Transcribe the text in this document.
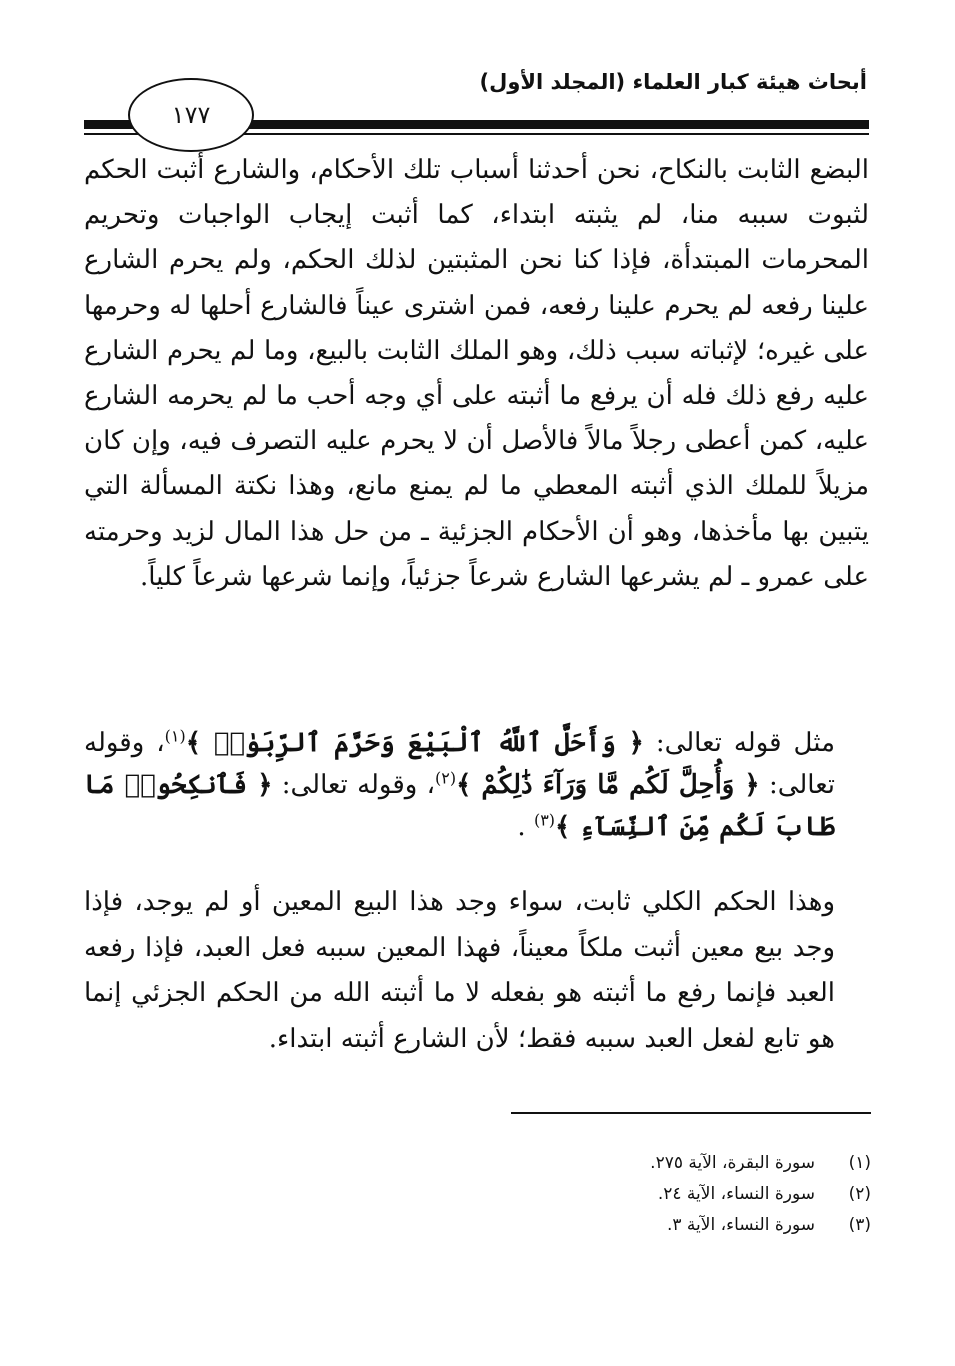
أبحاث هيئة كبار العلماء (المجلد الأول)
١٧٧

البضع الثابت بالنكاح، نحن أحدثنا أسباب تلك الأحكام، والشارع أثبت الحكم لثبوت سببه منا، لم يثبته ابتداء، كما أثبت إيجاب الواجبات وتحريم المحرمات المبتدأة، فإذا كنا نحن المثبتين لذلك الحكم، ولم يحرم الشارع علينا رفعه لم يحرم علينا رفعه، فمن اشترى عيناً فالشارع أحلها له وحرمها على غيره؛ لإثباته سبب ذلك، وهو الملك الثابت بالبيع، وما لم يحرم الشارع عليه رفع ذلك فله أن يرفع ما أثبته على أي وجه أحب ما لم يحرمه الشارع عليه، كمن أعطى رجلاً مالاً فالأصل أن لا يحرم عليه التصرف فيه، وإن كان مزيلاً للملك الذي أثبته المعطي ما لم يمنع مانع، وهذا نكتة المسألة التي يتبين بها مأخذها، وهو أن الأحكام الجزئية ـ من حل هذا المال لزيد وحرمته على عمرو ـ لم يشرعها الشارع شرعاً جزئياً، وإنما شرعها شرعاً كلياً.

مثل قوله تعالى: ﴿ وَأَحَلَّ ٱللَّهُ ٱلْبَيْعَ وَحَرَّمَ ٱلرِّبَوٰا۟ ﴾$^{(١)}$، وقوله تعالى: ﴿ وَأُحِلَّ لَكُم مَّا وَرَآءَ ذَٰلِكُمْ ﴾$^{(٢)}$، وقوله تعالى: ﴿ فَٱنكِحُوا۟ مَا طَابَ لَكُم مِّنَ ٱلنِّسَآءِ ﴾$^{(٣)}$ .

وهذا الحكم الكلي ثابت، سواء وجد هذا البيع المعين أو لم يوجد، فإذا وجد بيع معين أثبت ملكاً معيناً، فهذا المعين سببه فعل العبد، فإذا رفعه العبد فإنما رفع ما أثبته هو بفعله لا ما أثبته الله من الحكم الجزئي إنما هو تابع لفعل العبد سببه فقط؛ لأن الشارع أثبته ابتداء.

(١)
سورة البقرة، الآية ٢٧٥.
(٢)
سورة النساء، الآية ٢٤.
(٣)
سورة النساء، الآية ٣.
